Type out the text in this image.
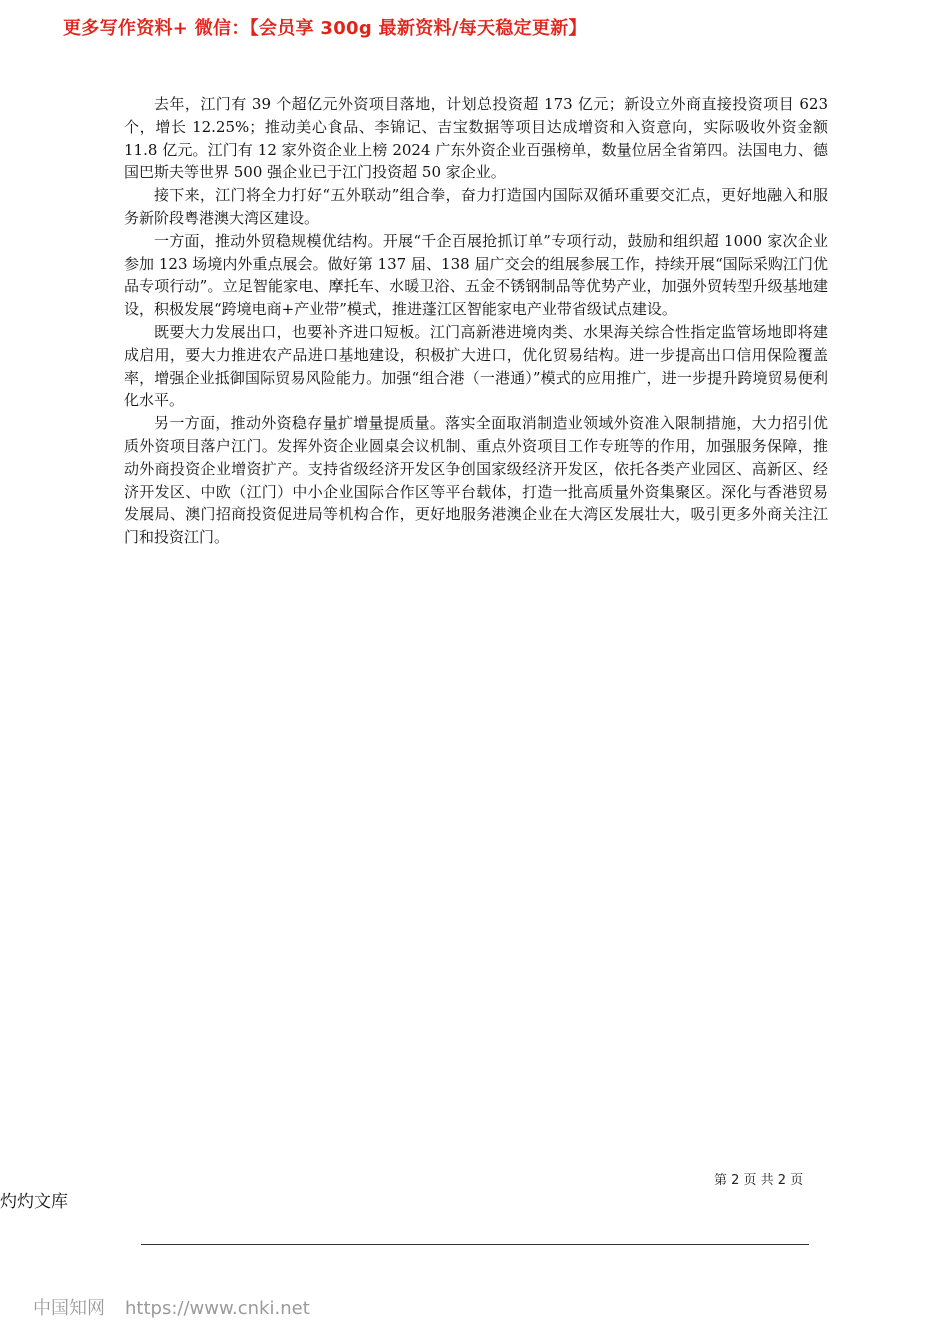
更多写作资料+ 微信：【会员享 300g 最新资料/每天稳定更新】

去年，江门有 39 个超亿元外资项目落地，计划总投资超 173 亿元；新设立外商直接投资项目 623 个，增长 12.25%；推动美心食品、李锦记、吉宝数据等项目达成增资和入资意向，实际吸收外资金额 11.8 亿元。江门有 12 家外资企业上榜 2024 广东外资企业百强榜单，数量位居全省第四。法国电力、德国巴斯夫等世界 500 强企业已于江门投资超 50 家企业。

接下来，江门将全力打好“五外联动”组合拳，奋力打造国内国际双循环重要交汇点，更好地融入和服务新阶段粤港澳大湾区建设。

一方面，推动外贸稳规模优结构。开展“千企百展抢抓订单”专项行动，鼓励和组织超 1000 家次企业参加 123 场境内外重点展会。做好第 137 届、138 届广交会的组展参展工作，持续开展“国际采购江门优品专项行动”。立足智能家电、摩托车、水暖卫浴、五金不锈钢制品等优势产业，加强外贸转型升级基地建设，积极发展“跨境电商+产业带”模式，推进蓬江区智能家电产业带省级试点建设。

既要大力发展出口，也要补齐进口短板。江门高新港进境肉类、水果海关综合性指定监管场地即将建成启用，要大力推进农产品进口基地建设，积极扩大进口，优化贸易结构。进一步提高出口信用保险覆盖率，增强企业抵御国际贸易风险能力。加强“组合港（一港通）”模式的应用推广，进一步提升跨境贸易便利化水平。

另一方面，推动外资稳存量扩增量提质量。落实全面取消制造业领域外资准入限制措施，大力招引优质外资项目落户江门。发挥外资企业圆桌会议机制、重点外资项目工作专班等的作用，加强服务保障，推动外商投资企业增资扩产。支持省级经济开发区争创国家级经济开发区，依托各类产业园区、高新区、经济开发区、中欧（江门）中小企业国际合作区等平台载体，打造一批高质量外资集聚区。深化与香港贸易发展局、澳门招商投资促进局等机构合作，更好地服务港澳企业在大湾区发展壮大，吸引更多外商关注江门和投资江门。

第 2 页 共 2 页
灼灼文库
中国知网 https://www.cnki.net
